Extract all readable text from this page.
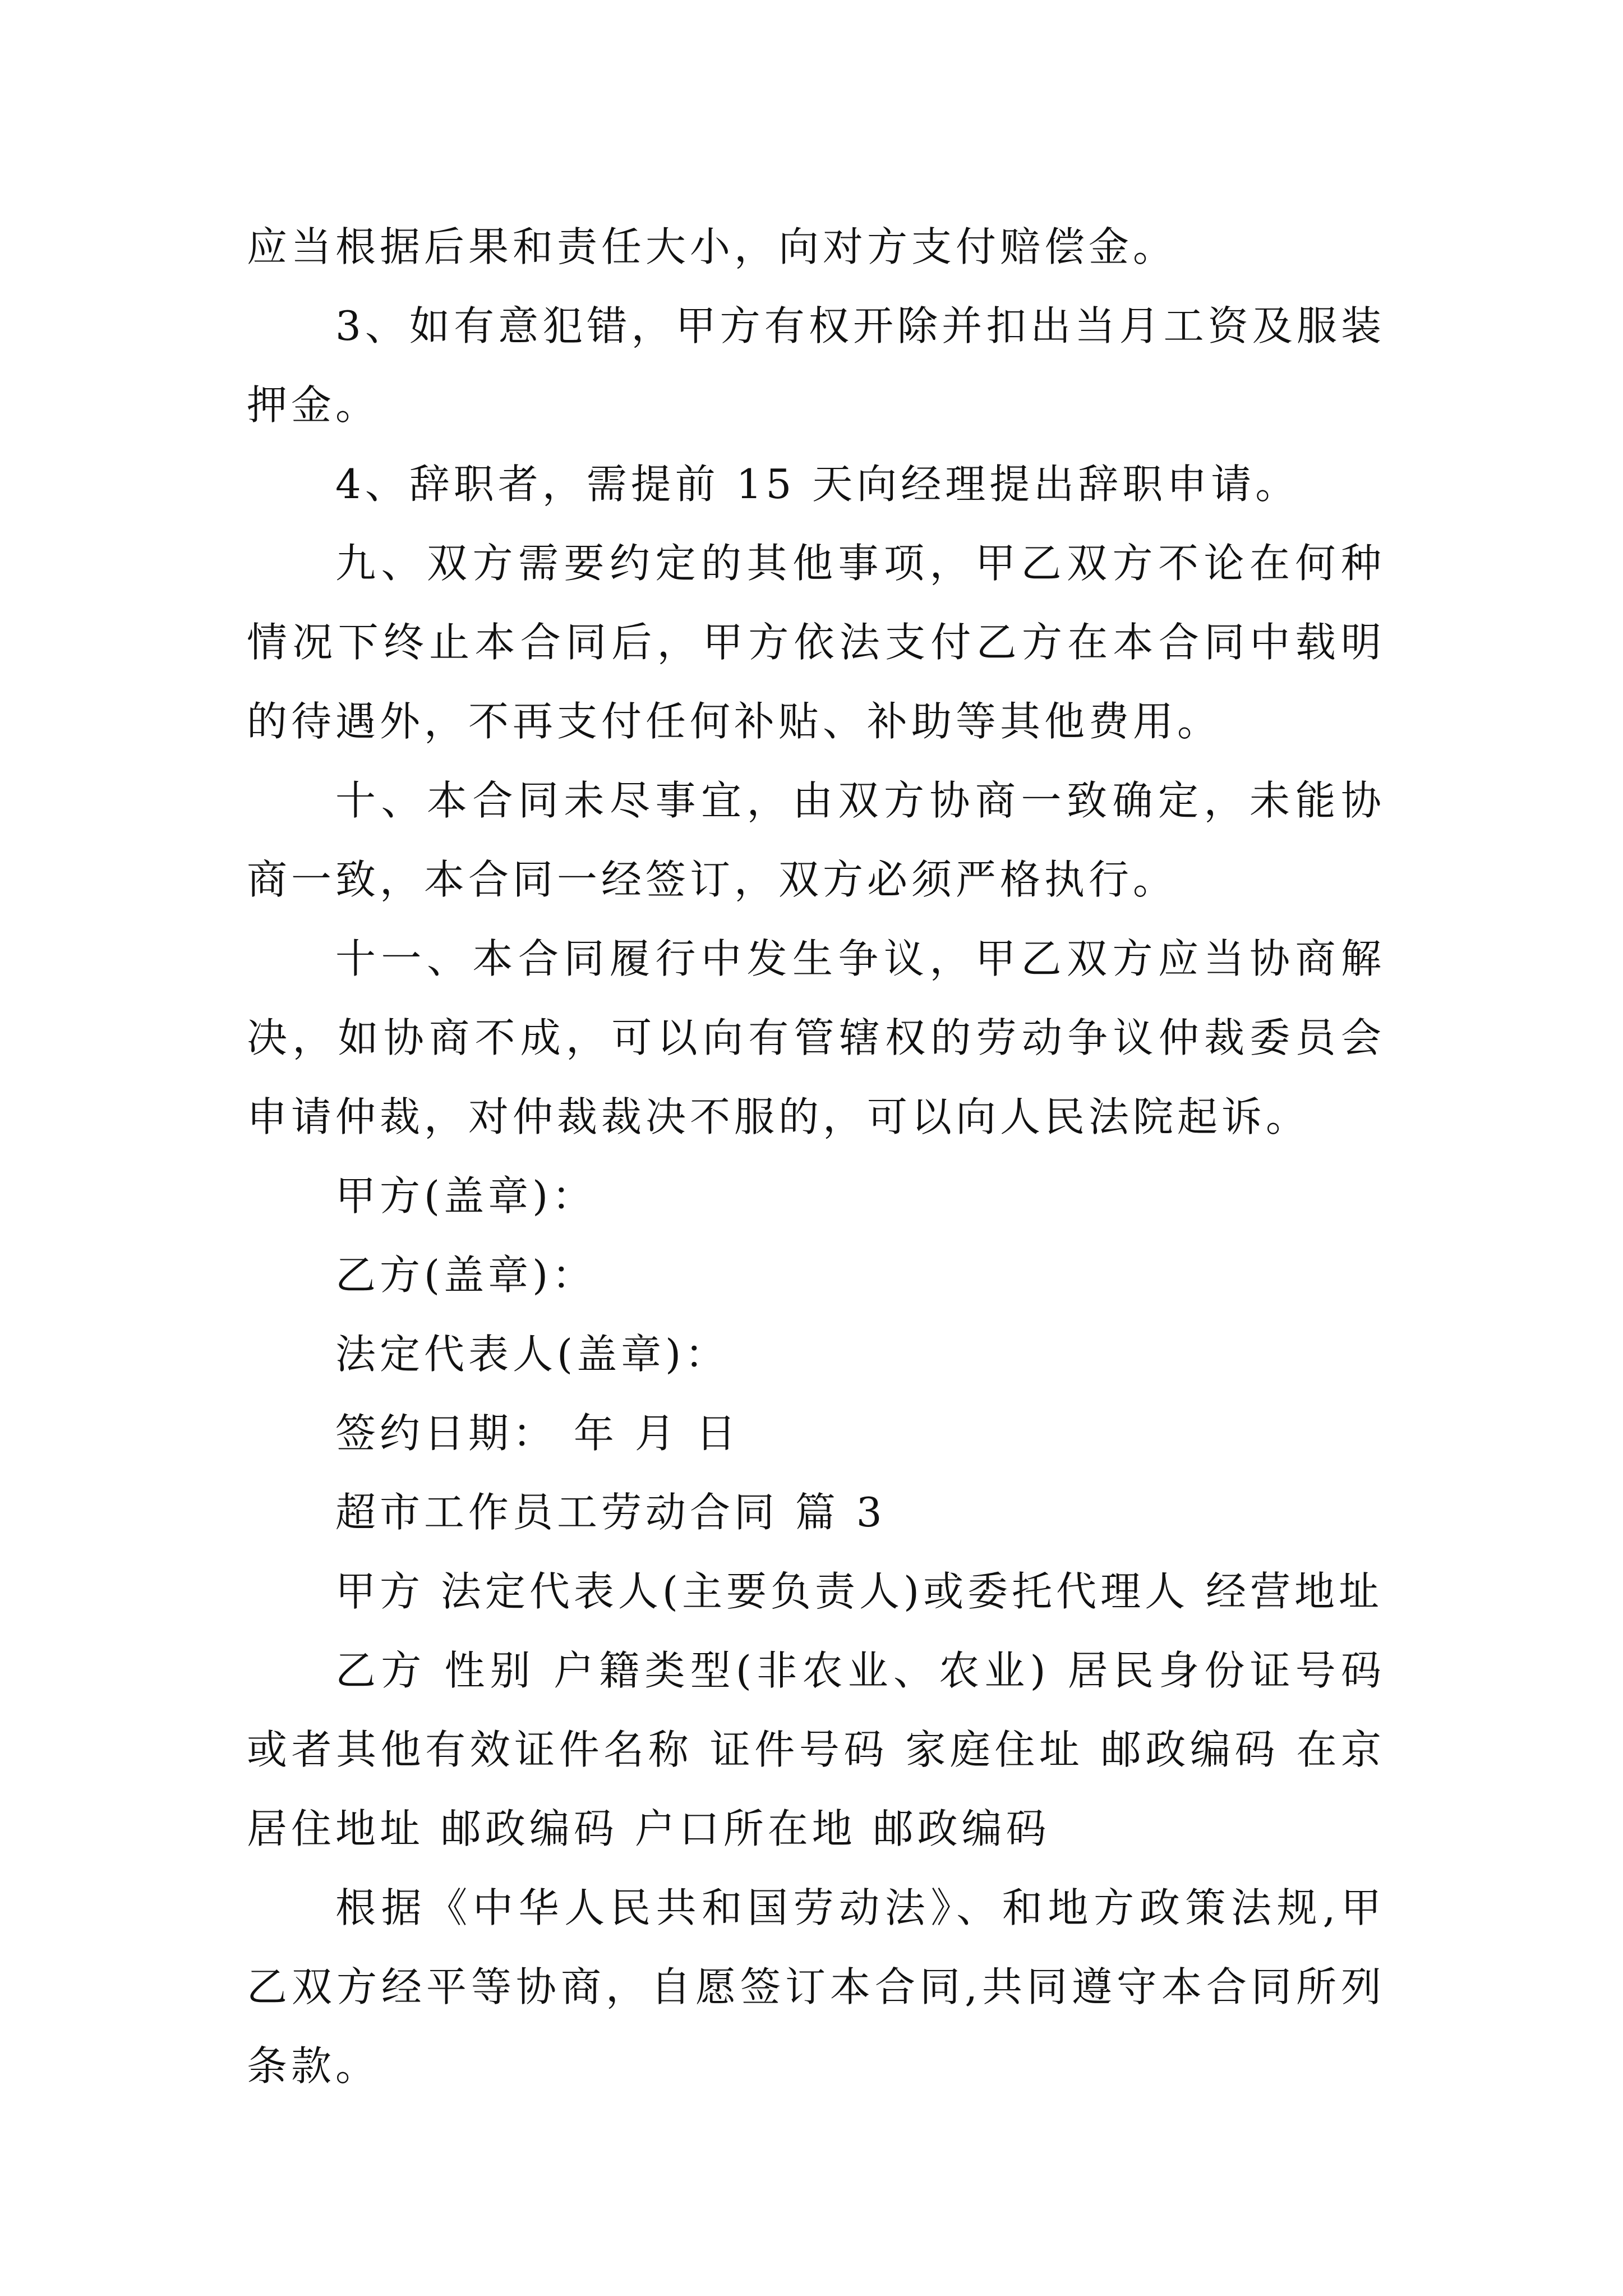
应当根据后果和责任大小，向对方支付赔偿金。

3、如有意犯错，甲方有权开除并扣出当月工资及服装押金。

4、辞职者，需提前 15 天向经理提出辞职申请。

九、双方需要约定的其他事项，甲乙双方不论在何种情况下终止本合同后，甲方依法支付乙方在本合同中载明的待遇外，不再支付任何补贴、补助等其他费用。

十、本合同未尽事宜，由双方协商一致确定，未能协商一致，本合同一经签订，双方必须严格执行。

十一、本合同履行中发生争议，甲乙双方应当协商解决，如协商不成，可以向有管辖权的劳动争议仲裁委员会申请仲裁，对仲裁裁决不服的，可以向人民法院起诉。

甲方(盖章)：

乙方(盖章)：

法定代表人(盖章)：

签约日期： 年 月 日

超市工作员工劳动合同 篇 3

甲方 法定代表人(主要负责人)或委托代理人 经营地址

乙方 性别 户籍类型(非农业、农业) 居民身份证号码或者其他有效证件名称 证件号码 家庭住址 邮政编码 在京居住地址 邮政编码 户口所在地 邮政编码

根据《中华人民共和国劳动法》、和地方政策法规,甲乙双方经平等协商，自愿签订本合同,共同遵守本合同所列条款。
